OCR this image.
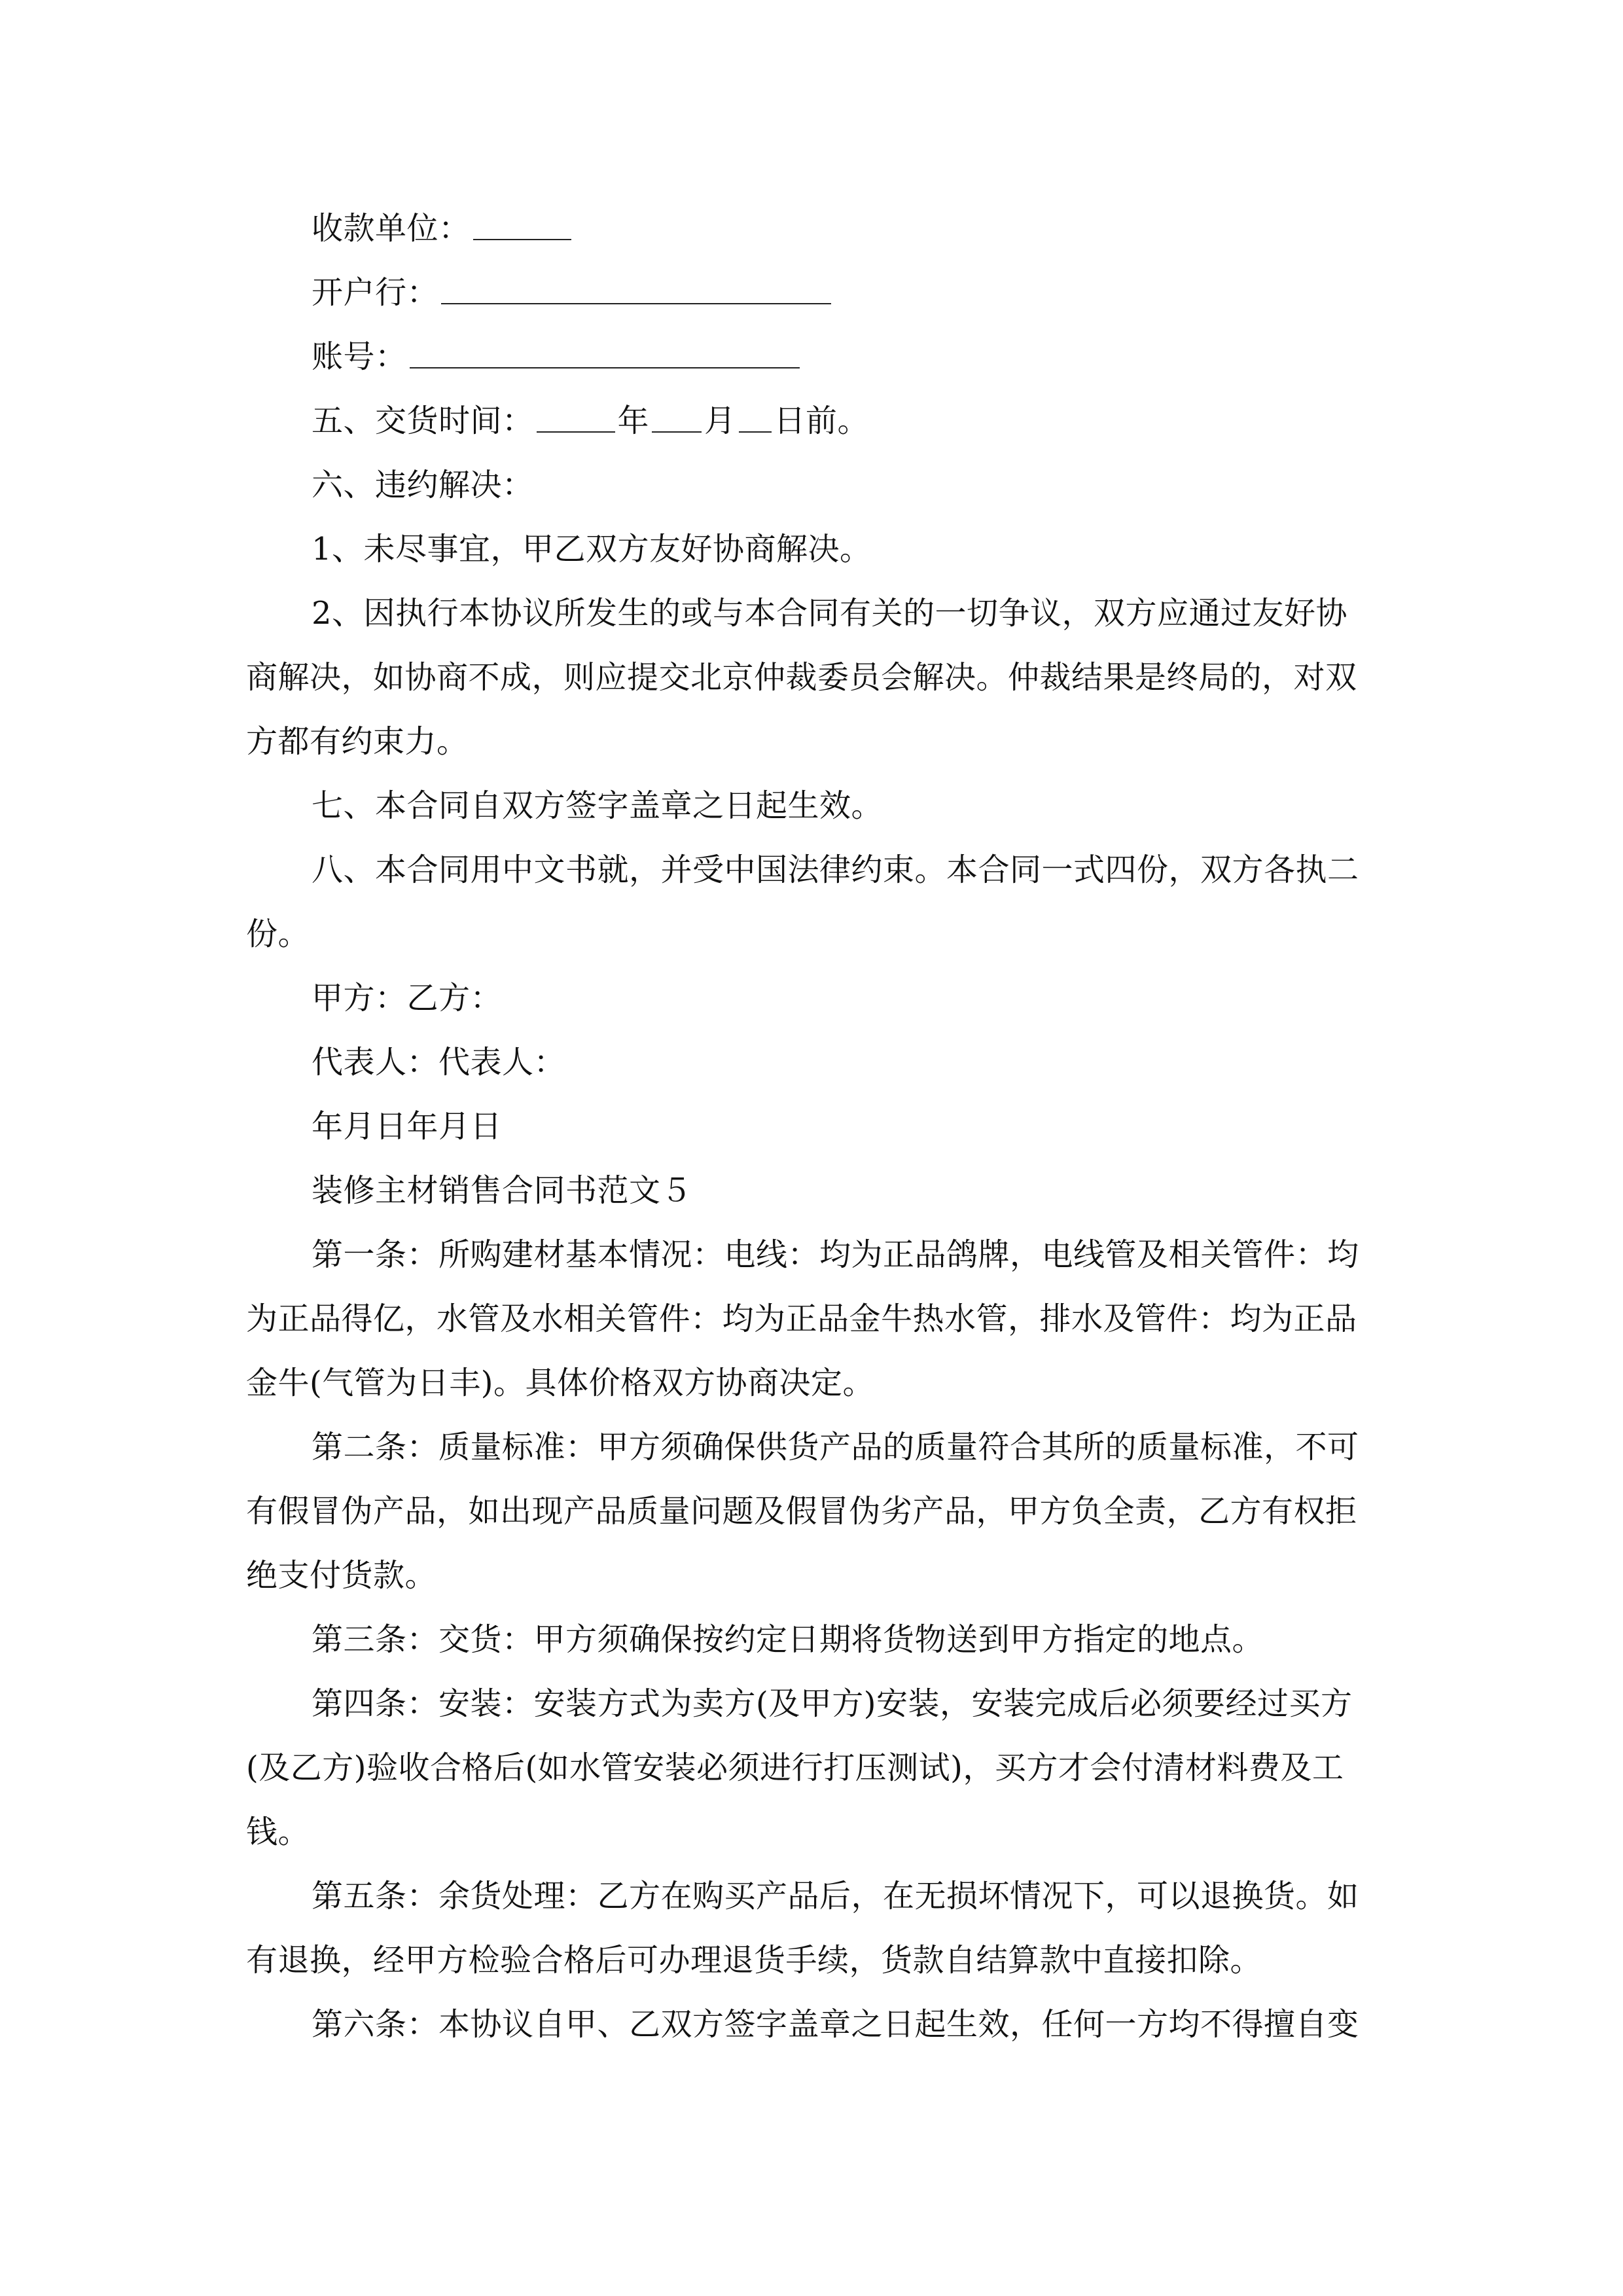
收款单位：
开户行：
账号：
五、交货时间：	年 月 日前。
六、违约解决：
1、未尽事宜，甲乙双方友好协商解决。
2、因执行本协议所发生的或与本合同有关的一切争议，双方应通过友好协
商解决，如协商不成，则应提交北京仲裁委员会解决。仲裁结果是终局的，对双
方都有约束力。
七、本合同自双方签字盖章之日起生效。
八、本合同用中文书就，并受中国法律约束。本合同一式四份，双方各执二
份。
甲方：乙方：
代表人：代表人：
年月日年月日
装修主材销售合同书范文５
第一条：所购建材基本情况：电线：均为正品鸽牌，电线管及相关管件：均
为正品得亿，水管及水相关管件：均为正品金牛热水管，排水及管件：均为正品
金牛(气管为日丰)。具体价格双方协商决定。
第二条：质量标准：甲方须确保供货产品的质量符合其所的质量标准，不可
有假冒伪产品，如出现产品质量问题及假冒伪劣产品，甲方负全责，乙方有权拒
绝支付货款。
第三条：交货：甲方须确保按约定日期将货物送到甲方指定的地点。
第四条：安装：安装方式为卖方(及甲方)安装，安装完成后必须要经过买方
(及乙方)验收合格后(如水管安装必须进行打压测试)，买方才会付清材料费及工
钱。
第五条：余货处理：乙方在购买产品后，在无损坏情况下，可以退换货。如
有退换，经甲方检验合格后可办理退货手续，货款自结算款中直接扣除。
第六条：本协议自甲、乙双方签字盖章之日起生效，任何一方均不得擅自变
